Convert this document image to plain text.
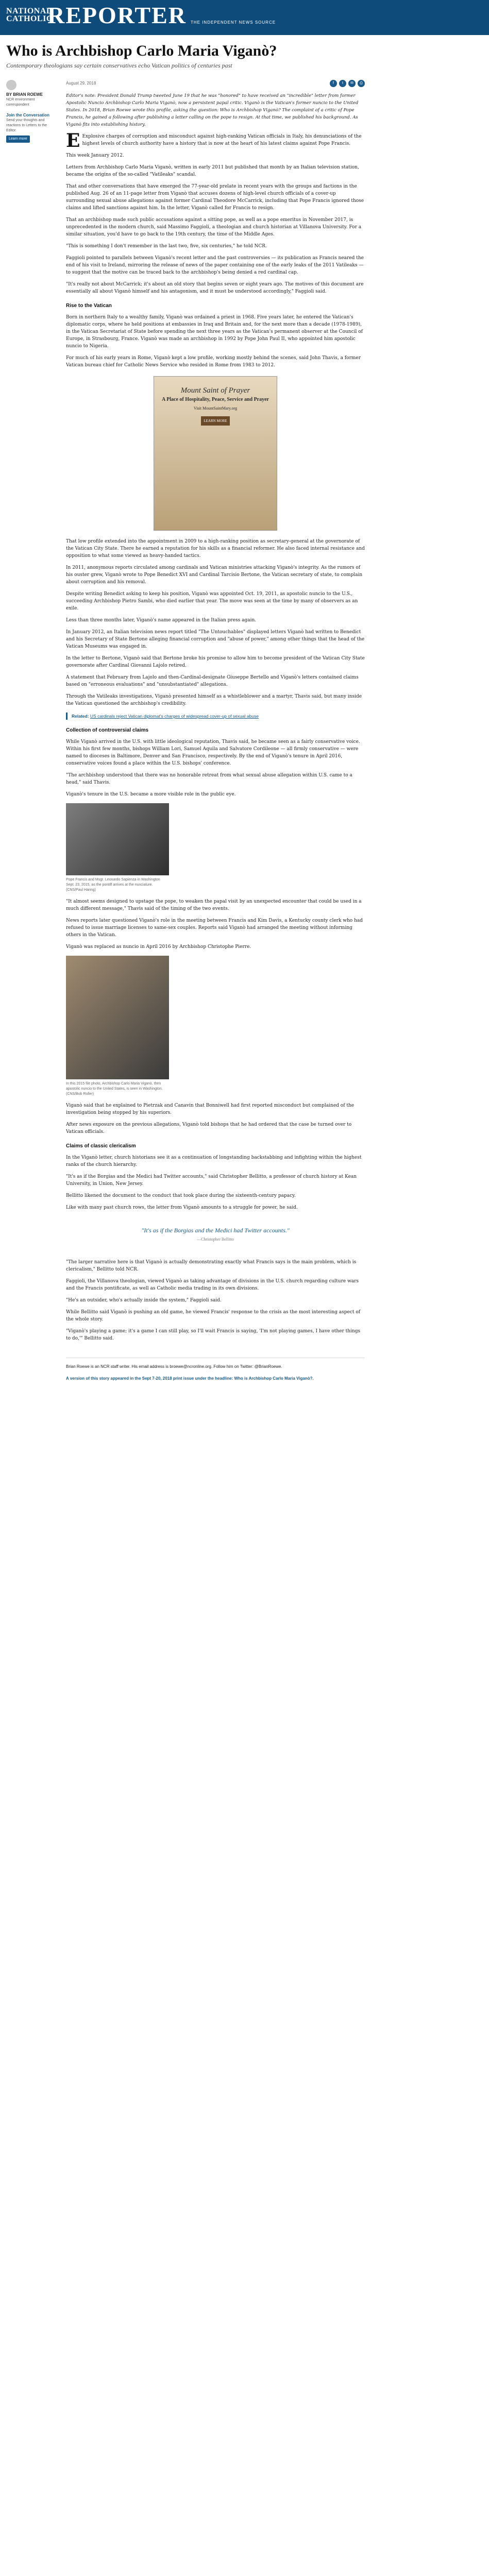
NATIONAL CATHOLIC
REPORTER THE INDEPENDENT NEWS SOURCE
Who is Archbishop Carlo Maria Viganò?
Contemporary theologians say certain conservatives echo Vatican politics of centuries past
BY BRIAN ROEWE
NCR environment correspondent
Join the Conversation
Send your thoughts and reactions to Letters to the Editor.
Learn more
August 29, 2018	f	t	✉	⎙

Editor's note: President Donald Trump tweeted June 19 that he was "honored" to have received an "incredible" letter from former Apostolic Nuncio Archbishop Carlo Maria Viganò, now a persistent papal critic. Viganò is the Vatican's former nuncio to the United States. In 2018, Brian Roewe wrote this profile, asking the question: Who is Archbishop Viganò? The complaint of a critic of Pope Francis, he gained a following after publishing a letter calling on the pope to resign. At that time, we published his background. As Viganò fits into establishing history.

E Explosive charges of corruption and misconduct against high-ranking Vatican officials in Italy, his denunciations of the highest levels of church authority have a history that is now at the heart of his latest claims against Pope Francis.

This week January 2012.

Letters from Archbishop Carlo Maria Viganò, written in early 2011 but published that month by an Italian television station, became the origins of the so-called "Vatileaks" scandal.

That and other conversations that have emerged the 77-year-old prelate in recent years with the groups and factions in the published Aug. 26 of an 11-page letter from Viganò that accuses dozens of high-level church officials of a cover-up surrounding sexual abuse allegations against former Cardinal Theodore McCarrick, including that Pope Francis ignored those claims and lifted sanctions against him. In the letter, Viganò called for Francis to resign.

That an archbishop made such public accusations against a sitting pope, as well as a pope emeritus in November 2017, is unprecedented in the modern church, said Massimo Faggioli, a theologian and church historian at Villanova University. For a similar situation, you'd have to go back to the 19th century, the time of the Middle Ages.

"This is something I don't remember in the last two, five, six centuries," he told NCR.

Faggioli pointed to parallels between Viganò's recent letter and the past controversies — its publication as Francis neared the end of his visit to Ireland, mirroring the release of news of the paper containing one of the early leaks of the 2011 Vatileaks — to suggest that the motive can be traced back to the archbishop's being denied a red cardinal cap.

"It's really not about McCarrick; it's about an old story that begins seven or eight years ago. The motives of this document are essentially all about Viganò himself and his antagonism, and it must be understood accordingly," Faggioli said.

Rise to the Vatican

Born in northern Italy to a wealthy family, Viganò was ordained a priest in 1968. Five years later, he entered the Vatican's diplomatic corps, where he held positions at embassies in Iraq and Britain and, for the next more than a decade (1978-1989), in the Vatican Secretariat of State before spending the next three years as the Vatican's permanent observer at the Council of Europe, in Strasbourg, France. Viganò was made an archbishop in 1992 by Pope John Paul II, who appointed him apostolic nuncio to Nigeria.

For much of his early years in Rome, Viganò kept a low profile, working mostly behind the scenes, said John Thavis, a former Vatican bureau chief for Catholic News Service who resided in Rome from 1983 to 2012.

Mount Saint of Prayer
A Place of Hospitality, Peace, Service and Prayer
Visit MountSaintMary.org
LEARN MORE

That low profile extended into the appointment in 2009 to a high-ranking position as secretary-general at the governorate of the Vatican City State. There he earned a reputation for his skills as a financial reformer. He also faced internal resistance and opposition to what some viewed as heavy-handed tactics.

In 2011, anonymous reports circulated among cardinals and Vatican ministries attacking Viganò's integrity. As the rumors of his ouster grew, Viganò wrote to Pope Benedict XVI and Cardinal Tarcisio Bertone, the Vatican secretary of state, to complain about corruption and his removal.

Despite writing Benedict asking to keep his position, Viganò was appointed Oct. 19, 2011, as apostolic nuncio to the U.S., succeeding Archbishop Pietro Sambi, who died earlier that year. The move was seen at the time by many of observers as an exile.

Less than three months later, Viganò's name appeared in the Italian press again.

In January 2012, an Italian television news report titled "The Untouchables" displayed letters Viganò had written to Benedict and his Secretary of State Bertone alleging financial corruption and "abuse of power," among other things that the head of the Vatican Museums was engaged in.

In the letter to Bertone, Viganò said that Bertone broke his promise to allow him to become president of the Vatican City State governorate after Cardinal Giovanni Lajolo retired.

A statement that February from Lajolo and then-Cardinal-designate Giuseppe Bertello and Viganò's letters contained claims based on "erroneous evaluations" and "unsubstantiated" allegations.

Through the Vatileaks investigations, Viganò presented himself as a whistleblower and a martyr, Thavis said, but many inside the Vatican questioned the archbishop's credibility.

Related: US cardinals reject Vatican diplomat's charges of widespread cover-up of sexual abuse
Collection of controversial claims

While Viganò arrived in the U.S. with little ideological reputation, Thavis said, he became seen as a fairly conservative voice. Within his first few months, bishops William Lori, Samuel Aquila and Salvatore Cordileone — all firmly conservative — were named to dioceses in Baltimore, Denver and San Francisco, respectively. By the end of Viganò's tenure in April 2016, conservative voices found a place within the U.S. bishops' conference.

"The archbishop understood that there was no honorable retreat from what sexual abuse allegation within U.S. came to a head," said Thavis.

Viganò's tenure in the U.S. became a more visible role in the public eye.

Pope Francis and Msgr. Leonardo Sapienza in Washington Sept. 23, 2015, as the pontiff arrives at the nunciature. (CNS/Paul Haring)

"It almost seems designed to upstage the pope, to weaken the papal visit by an unexpected encounter that could be used in a much different message," Thavis said of the timing of the two events.

News reports later questioned Viganò's role in the meeting between Francis and Kim Davis, a Kentucky county clerk who had refused to issue marriage licenses to same-sex couples. Reports said Viganò had arranged the meeting without informing others in the Vatican.

Viganò was replaced as nuncio in April 2016 by Archbishop Christophe Pierre.

In this 2015 file photo, Archbishop Carlo Maria Viganò, then apostolic nuncio to the United States, is seen in Washington. (CNS/Bob Roller)

Viganò said that he explained to Pietrzak and Canavin that Bonniwell had first reported misconduct but complained of the investigation being stopped by his superiors.

After news exposure on the previous allegations, Viganò told bishops that he had ordered that the case be turned over to Vatican officials.

Claims of classic clericalism

In the Viganò letter, church historians see it as a continuation of longstanding backstabbing and infighting within the highest ranks of the church hierarchy.

"It's as if the Borgias and the Medici had Twitter accounts," said Christopher Bellitto, a professor of church history at Kean University, in Union, New Jersey.

Bellitto likened the document to the conduct that took place during the sixteenth-century papacy.

Like with many past church rows, the letter from Viganò amounts to a struggle for power, he said.

"It's as if the Borgias and the Medici had Twitter accounts."
—Christopher Bellitto

"The larger narrative here is that Viganò is actually demonstrating exactly what Francis says is the main problem, which is clericalism," Bellitto told NCR.

Faggioli, the Villanova theologian, viewed Viganò as taking advantage of divisions in the U.S. church regarding culture wars and the Francis pontificate, as well as Catholic media trading in its own divisions.

"He's an outsider, who's actually inside the system," Faggioli said.

While Bellitto said Viganò is pushing an old game, he viewed Francis' response to the crisis as the most interesting aspect of the whole story.

"Viganò's playing a game; it's a game I can still play, so I'll wait Francis is saying, 'I'm not playing games, I have other things to do,'" Bellitto said.

Brian Roewe is an NCR staff writer. His email address is broewe@ncronline.org. Follow him on Twitter: @BrianRoewe.

A version of this story appeared in the Sept 7-20, 2018 print issue under the headline: Who is Archbishop Carlo Maria Viganò?.
